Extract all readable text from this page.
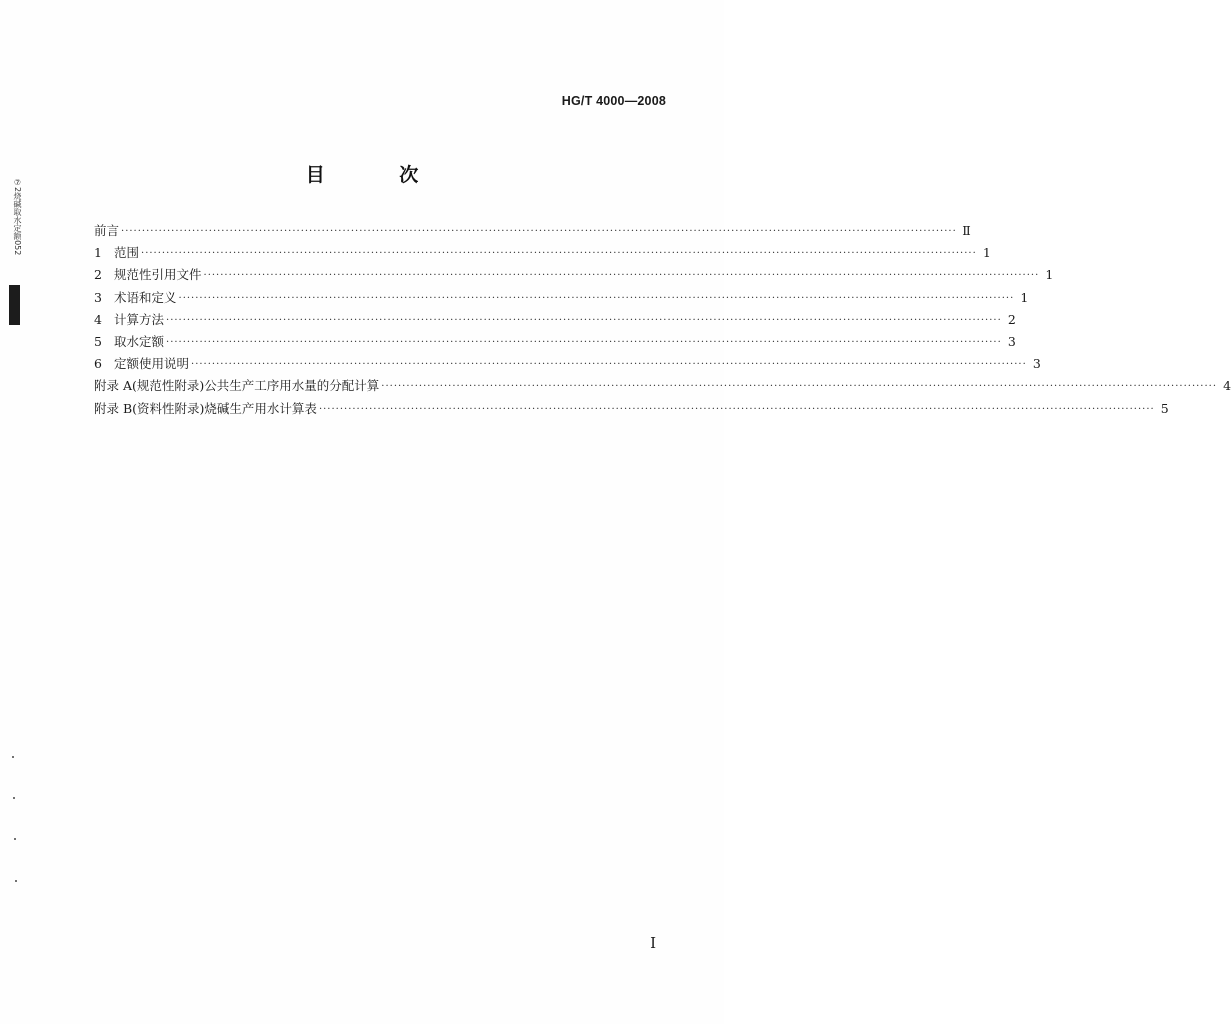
HG/T 4000—2008
目 次
前言 ········································································································································································································ Ⅱ
1 范围 ········································································································································································································ 1
2 规范性引用文件 ········································································································································································································ 1
3 术语和定义 ········································································································································································································ 1
4 计算方法 ········································································································································································································ 2
5 取水定额 ········································································································································································································ 3
6 定额使用说明 ········································································································································································································ 3
附录 A(规范性附录) 公共生产工序用水量的分配计算 ········································································································································································································ 4
附录 B(资料性附录) 烧碱生产用水计算表 ········································································································································································································ 5
⑦2烧碱取水定额052
I
